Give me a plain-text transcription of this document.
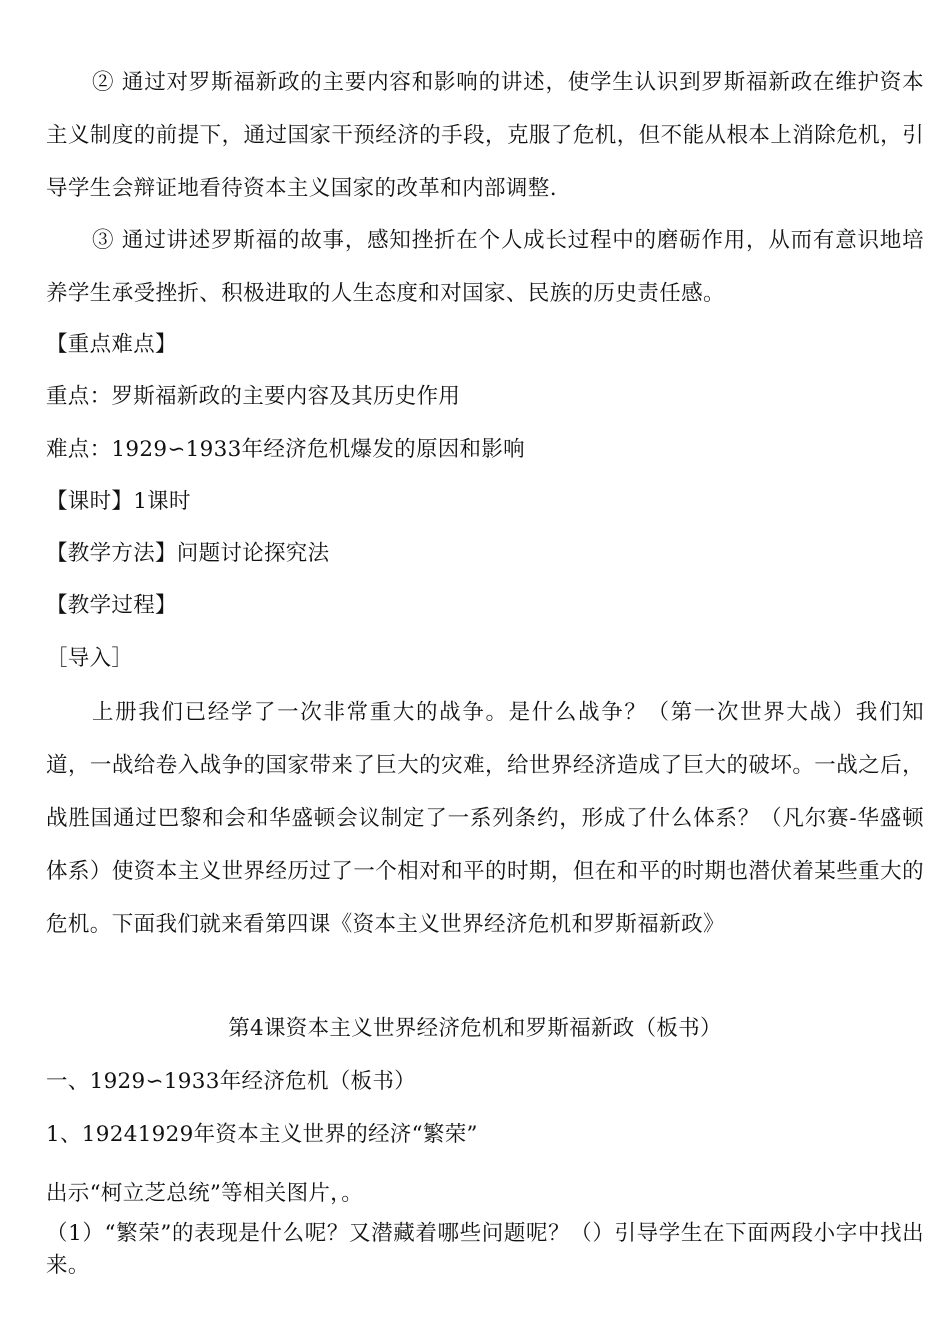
② 通过对罗斯福新政的主要内容和影响的讲述，使学生认识到罗斯福新政在维护资本主义制度的前提下，通过国家干预经济的手段，克服了危机，但不能从根本上消除危机，引导学生会辩证地看待资本主义国家的改革和内部调整.
③ 通过讲述罗斯福的故事，感知挫折在个人成长过程中的磨砺作用，从而有意识地培养学生承受挫折、积极进取的人生态度和对国家、民族的历史责任感。
【重点难点】
重点：罗斯福新政的主要内容及其历史作用
难点：1929∽1933年经济危机爆发的原因和影响
【课时】1课时
【教学方法】问题讨论探究法
【教学过程】
［导入］
上册我们已经学了一次非常重大的战争。是什么战争？（第一次世界大战）我们知道，一战给卷入战争的国家带来了巨大的灾难，给世界经济造成了巨大的破坏。一战之后，战胜国通过巴黎和会和华盛顿会议制定了一系列条约，形成了什么体系？（凡尔赛-华盛顿体系）使资本主义世界经历过了一个相对和平的时期，但在和平的时期也潜伏着某些重大的危机。下面我们就来看第四课《资本主义世界经济危机和罗斯福新政》
第4课资本主义世界经济危机和罗斯福新政（板书）
一、1929∽1933年经济危机（板书）
1、19241929年资本主义世界的经济“繁荣”
出示“柯立芝总统”等相关图片，。
（1）“繁荣”的表现是什么呢？又潜藏着哪些问题呢？（）引导学生在下面两段小字中找出来。
